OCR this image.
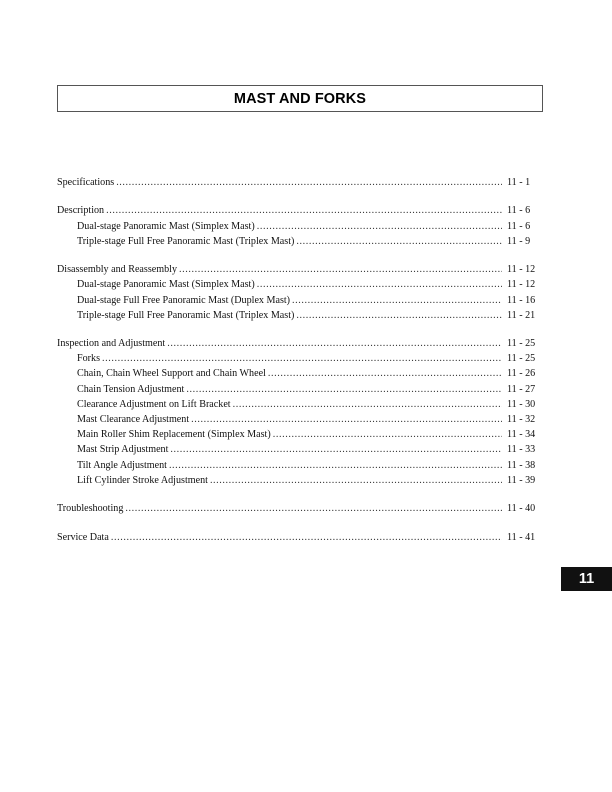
MAST AND FORKS
Specifications .....	11 - 1
Description .....	11 - 6
Dual-stage Panoramic Mast (Simplex Mast) .....	11 - 6
Triple-stage Full Free Panoramic Mast (Triplex Mast) .....	11 - 9
Disassembly and Reassembly .....	11 - 12
Dual-stage Panoramic Mast (Simplex Mast) .....	11 - 12
Dual-stage Full Free Panoramic Mast (Duplex Mast) .....	11 - 16
Triple-stage Full Free Panoramic Mast (Triplex Mast) .....	11 - 21
Inspection and Adjustment .....	11 - 25
Forks .....	11 - 25
Chain, Chain Wheel Support and Chain Wheel .....	11 - 26
Chain Tension Adjustment .....	11 - 27
Clearance Adjustment on Lift Bracket .....	11 - 30
Mast Clearance Adjustment .....	11 - 32
Main Roller Shim Replacement (Simplex Mast) .....	11 - 34
Mast Strip Adjustment .....	11 - 33
Tilt Angle Adjustment .....	11 - 38
Lift Cylinder Stroke Adjustment .....	11 - 39
Troubleshooting .....	11 - 40
Service Data .....	11 - 41
11
